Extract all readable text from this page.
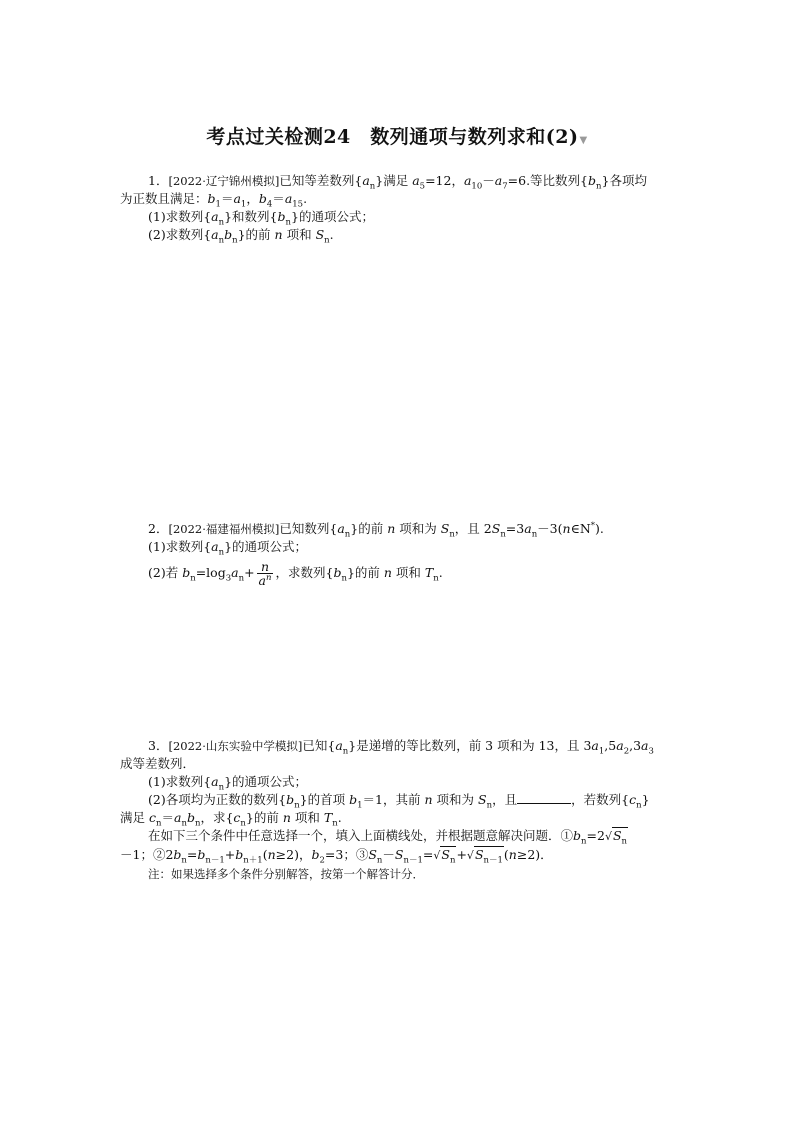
考点过关检测24　数列通项与数列求和(2)▼
1．[2022·辽宁锦州模拟]已知等差数列$\{a_n\}$满足 $a_5=12$，$a_{10}-a_7=6$.等比数列$\{b_n\}$各项均
为正数且满足：$b_1=a_1$，$b_4=a_{15}$.
(1)求数列$\{a_n\}$和数列$\{b_n\}$的通项公式；
(2)求数列$\{a_nb_n\}$的前 n 项和 $S_n$.
2．[2022·福建福州模拟]已知数列$\{a_n\}$的前 n 项和为 $S_n$，且 $2S_n=3a_n-3(n\in N^*)$.
(1)求数列$\{a_n\}$的通项公式；
(2)若 $b_n=\log_3a_n+ \frac{n}{a^n}$ ，求数列$\{b_n\}$的前 n 项和 $T_n$.
3．[2022·山东实验中学模拟]已知$\{a_n\}$是递增的等比数列，前 3 项和为 13，且 $3a_1,5a_2,3a_3$
成等差数列．
(1)求数列$\{a_n\}$的通项公式；
(2)各项均为正数的数列$\{b_n\}$的首项 $b_1=1$，其前 n 项和为 $S_n$，且	，若数列$\{c_n\}$
满足 $c_n=a_nb_n$，求$\{c_n\}$的前 n 项和 $T_n$.
在如下三个条件中任意选择一个，填入上面横线处，并根据题意解决问题．$①b_n=2√S_n$
－1；$②2b_n=b_{n-1}+b_{n+1}(n\ge 2)$，$b_2=3$；$③S_n-S_{n-1}=√S_n+√S_{n-1}(n\ge 2)$．
注：如果选择多个条件分别解答，按第一个解答计分．
